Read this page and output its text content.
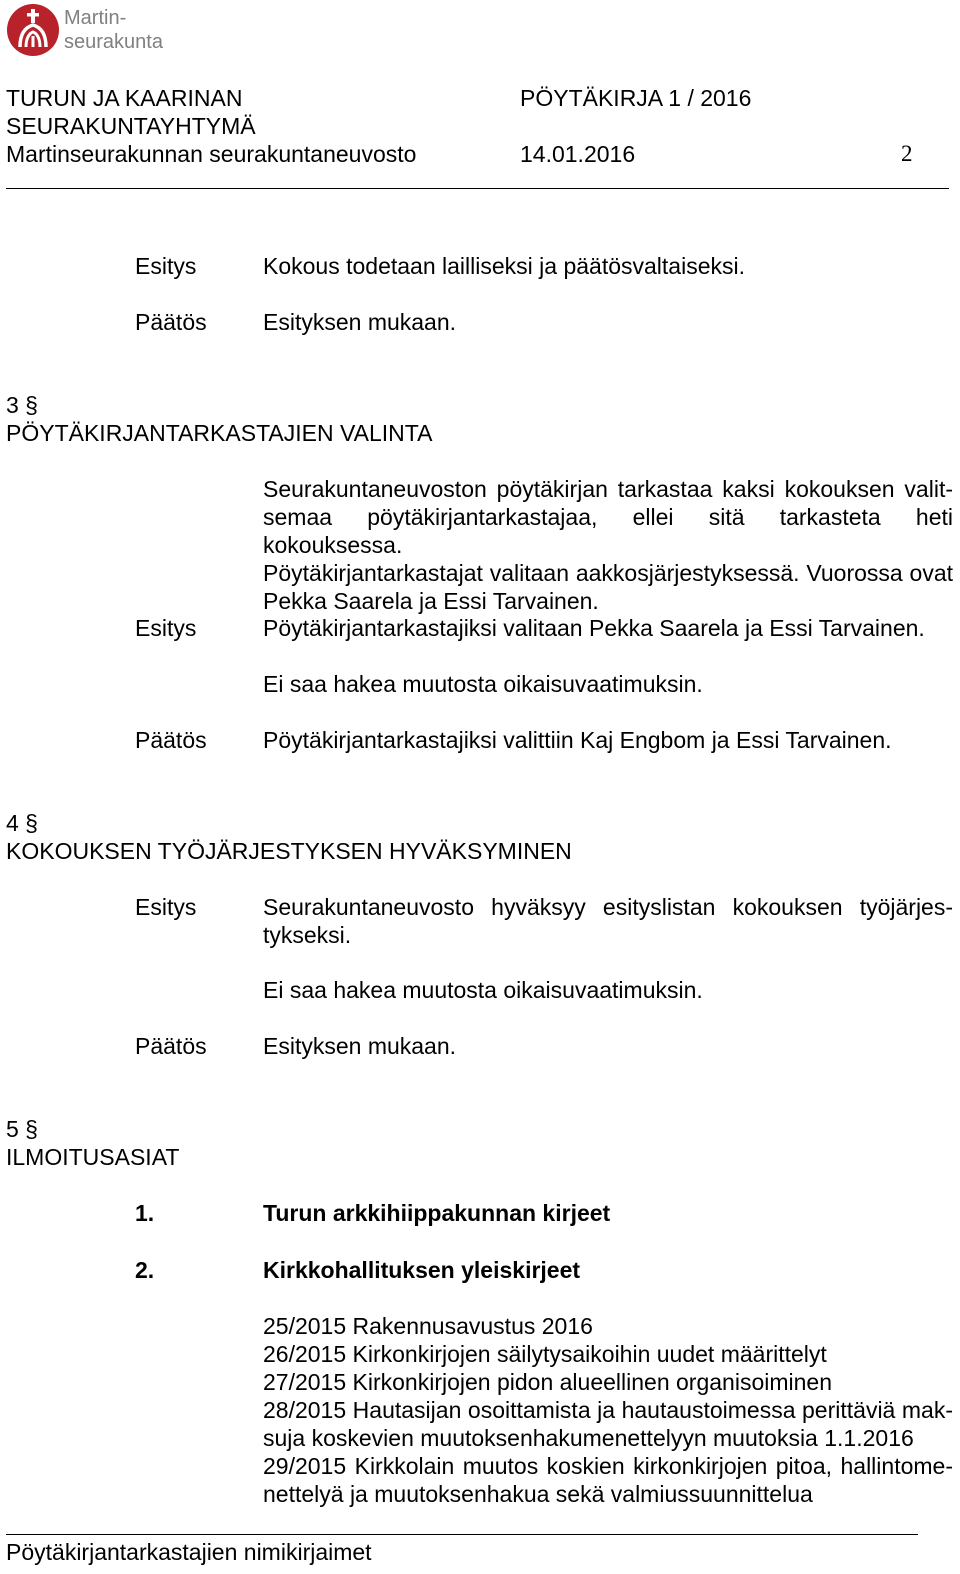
Martin-
seurakunta
TURUN JA KAARINAN
SEURAKUNTAYHTYMÄ
Martinseurakunnan seurakuntaneuvosto
PÖYTÄKIRJA 1 / 2016
14.01.2016	2
Esitys	Kokous todetaan lailliseksi ja päätösvaltaiseksi.
Päätös Esityksen mukaan.
3 §
PÖYTÄKIRJANTARKASTAJIEN VALINTA
Seurakuntaneuvoston pöytäkirjan tarkastaa kaksi kokouksen valit-
semaa pöytäkirjantarkastajaa, ellei sitä tarkasteta heti kokouksessa.
Pöytäkirjantarkastajat valitaan aakkosjärjestyksessä. Vuorossa ovat
Pekka Saarela ja Essi Tarvainen.
Esitys	Pöytäkirjantarkastajiksi valitaan Pekka Saarela ja Essi Tarvainen.
Ei saa hakea muutosta oikaisuvaatimuksin.
Päätös Pöytäkirjantarkastajiksi valittiin Kaj Engbom ja Essi Tarvainen.
4 §
KOKOUKSEN TYÖJÄRJESTYKSEN HYVÄKSYMINEN
Esitys	Seurakuntaneuvosto hyväksyy esityslistan kokouksen työjärjes-
tykseksi.
Ei saa hakea muutosta oikaisuvaatimuksin.
Päätös Esityksen mukaan.
5 §
ILMOITUSASIAT
1.	Turun arkkihiippakunnan kirjeet
2.	Kirkkohallituksen yleiskirjeet
25/2015 Rakennusavustus 2016
26/2015 Kirkonkirjojen säilytysaikoihin uudet määrittelyt
27/2015 Kirkonkirjojen pidon alueellinen organisoiminen
28/2015 Hautasijan osoittamista ja hautaustoimessa perittäviä mak-
suja koskevien muutoksenhakumenettelyyn muutoksia 1.1.2016
29/2015 Kirkkolain muutos koskien kirkonkirjojen pitoa, hallintome-
nettelyä ja muutoksenhakua sekä valmiussuunnittelua
Pöytäkirjantarkastajien nimikirjaimet
